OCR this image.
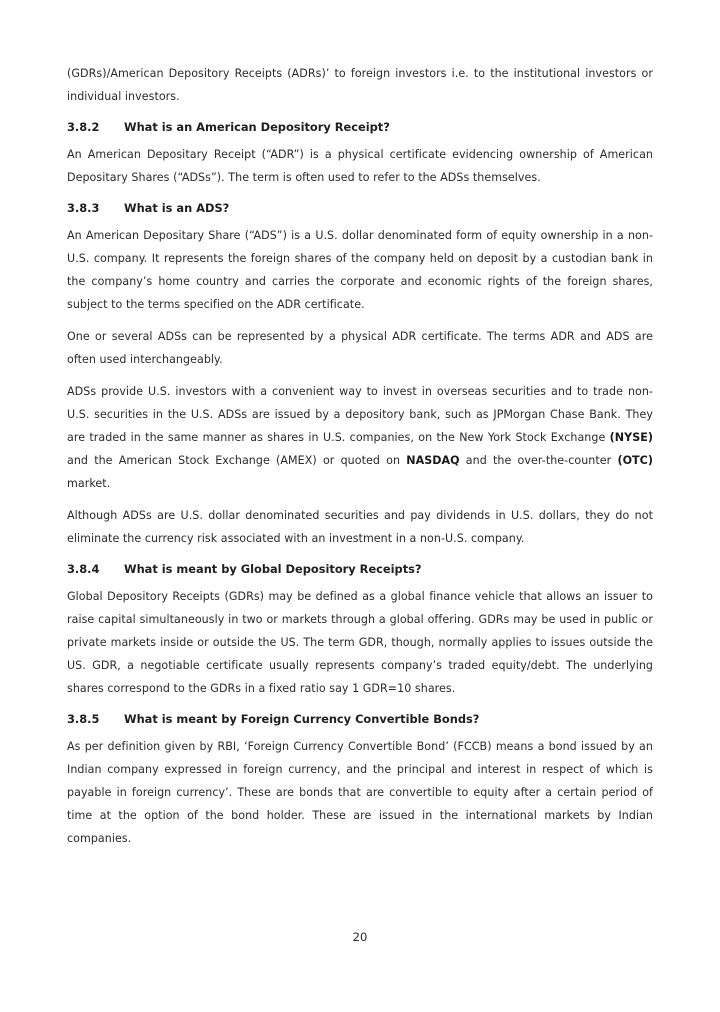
(GDRs)/American Depository Receipts (ADRs)’ to foreign investors i.e. to the institutional investors or individual investors.

3.8.2 What is an American Depository Receipt?

An American Depositary Receipt (“ADR”) is a physical certificate evidencing ownership of American Depositary Shares (“ADSs”). The term is often used to refer to the ADSs themselves.

3.8.3 What is an ADS?

An American Depositary Share (“ADS”) is a U.S. dollar denominated form of equity ownership in a non-U.S. company. It represents the foreign shares of the company held on deposit by a custodian bank in the company’s home country and carries the corporate and economic rights of the foreign shares, subject to the terms specified on the ADR certificate.

One or several ADSs can be represented by a physical ADR certificate. The terms ADR and ADS are often used interchangeably.

ADSs provide U.S. investors with a convenient way to invest in overseas securities and to trade non-U.S. securities in the U.S. ADSs are issued by a depository bank, such as JPMorgan Chase Bank. They are traded in the same manner as shares in U.S. companies, on the New York Stock Exchange (NYSE) and the American Stock Exchange (AMEX) or quoted on NASDAQ and the over-the-counter (OTC) market.

Although ADSs are U.S. dollar denominated securities and pay dividends in U.S. dollars, they do not eliminate the currency risk associated with an investment in a non-U.S. company.

3.8.4 What is meant by Global Depository Receipts?

Global Depository Receipts (GDRs) may be defined as a global finance vehicle that allows an issuer to raise capital simultaneously in two or markets through a global offering. GDRs may be used in public or private markets inside or outside the US. The term GDR, though, normally applies to issues outside the US. GDR, a negotiable certificate usually represents company’s traded equity/debt. The underlying shares correspond to the GDRs in a fixed ratio say 1 GDR=10 shares.

3.8.5 What is meant by Foreign Currency Convertible Bonds?

As per definition given by RBI, ‘Foreign Currency Convertible Bond’ (FCCB) means a bond issued by an Indian company expressed in foreign currency, and the principal and interest in respect of which is payable in foreign currency’. These are bonds that are convertible to equity after a certain period of time at the option of the bond holder. These are issued in the international markets by Indian companies.

20
